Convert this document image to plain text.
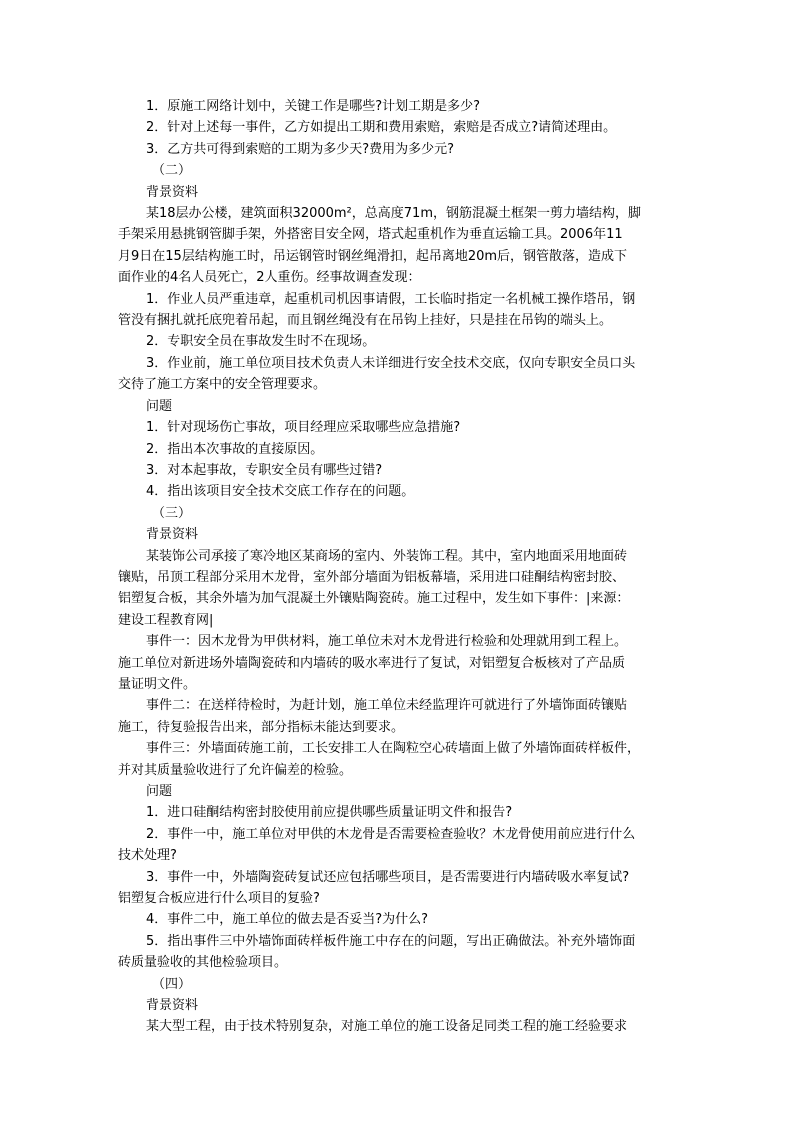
1．原施工网络计划中，关键工作是哪些?计划工期是多少?

2．针对上述每一事件，乙方如提出工期和费用索赔，索赔是否成立?请简述理由。

3．乙方共可得到索赔的工期为多少天?费用为多少元?

（二）

背景资料

某18层办公楼，建筑面积32000m²，总高度71m，钢筋混凝土框架一剪力墙结构，脚

手架采用悬挑钢管脚手架，外搭密目安全网，塔式起重机作为垂直运输工具。2006年11

月9日在15层结构施工时，吊运钢管时钢丝绳滑扣，起吊离地20m后，钢管散落，造成下

面作业的4名人员死亡，2人重伤。经事故调查发现：

1．作业人员严重违章，起重机司机因事请假，工长临时指定一名机械工操作塔吊，钢

管没有捆扎就托底兜着吊起，而且钢丝绳没有在吊钩上挂好，只是挂在吊钩的端头上。

2．专职安全员在事故发生时不在现场。

3．作业前，施工单位项目技术负责人未详细进行安全技术交底，仅向专职安全员口头

交待了施工方案中的安全管理要求。

问题

1．针对现场伤亡事故，项目经理应采取哪些应急措施?

2．指出本次事故的直接原因。

3．对本起事故，专职安全员有哪些过错?

4．指出该项目安全技术交底工作存在的问题。

（三）

背景资料

某装饰公司承接了寒冷地区某商场的室内、外装饰工程。其中，室内地面采用地面砖

镶贴，吊顶工程部分采用木龙骨，室外部分墙面为铝板幕墙，采用进口硅酮结构密封胶、

铝塑复合板，其余外墙为加气混凝土外镶贴陶瓷砖。施工过程中，发生如下事件：|来源：

建设工程教育网|

事件一：因木龙骨为甲供材料，施工单位未对木龙骨进行检验和处理就用到工程上。

施工单位对新进场外墙陶瓷砖和内墙砖的吸水率进行了复试，对铝塑复合板核对了产品质

量证明文件。

事件二：在送样待检时，为赶计划，施工单位未经监理许可就进行了外墙饰面砖镶贴

施工，待复验报告出来，部分指标未能达到要求。

事件三：外墙面砖施工前，工长安排工人在陶粒空心砖墙面上做了外墙饰面砖样板件，

并对其质量验收进行了允许偏差的检验。

问题

1．进口硅酮结构密封胶使用前应提供哪些质量证明文件和报告?

2．事件一中，施工单位对甲供的木龙骨是否需要检查验收？木龙骨使用前应进行什么

技术处理?

3．事件一中，外墙陶瓷砖复试还应包括哪些项目，是否需要进行内墙砖吸水率复试?

铝塑复合板应进行什么项目的复验?

4．事件二中，施工单位的做去是否妥当?为什么?

5．指出事件三中外墙饰面砖样板件施工中存在的问题，写出正确做法。补充外墙饰面

砖质量验收的其他检验项目。

（四）

背景资料

某大型工程，由于技术特别复杂，对施工单位的施工设备足同类工程的施工经验要求
